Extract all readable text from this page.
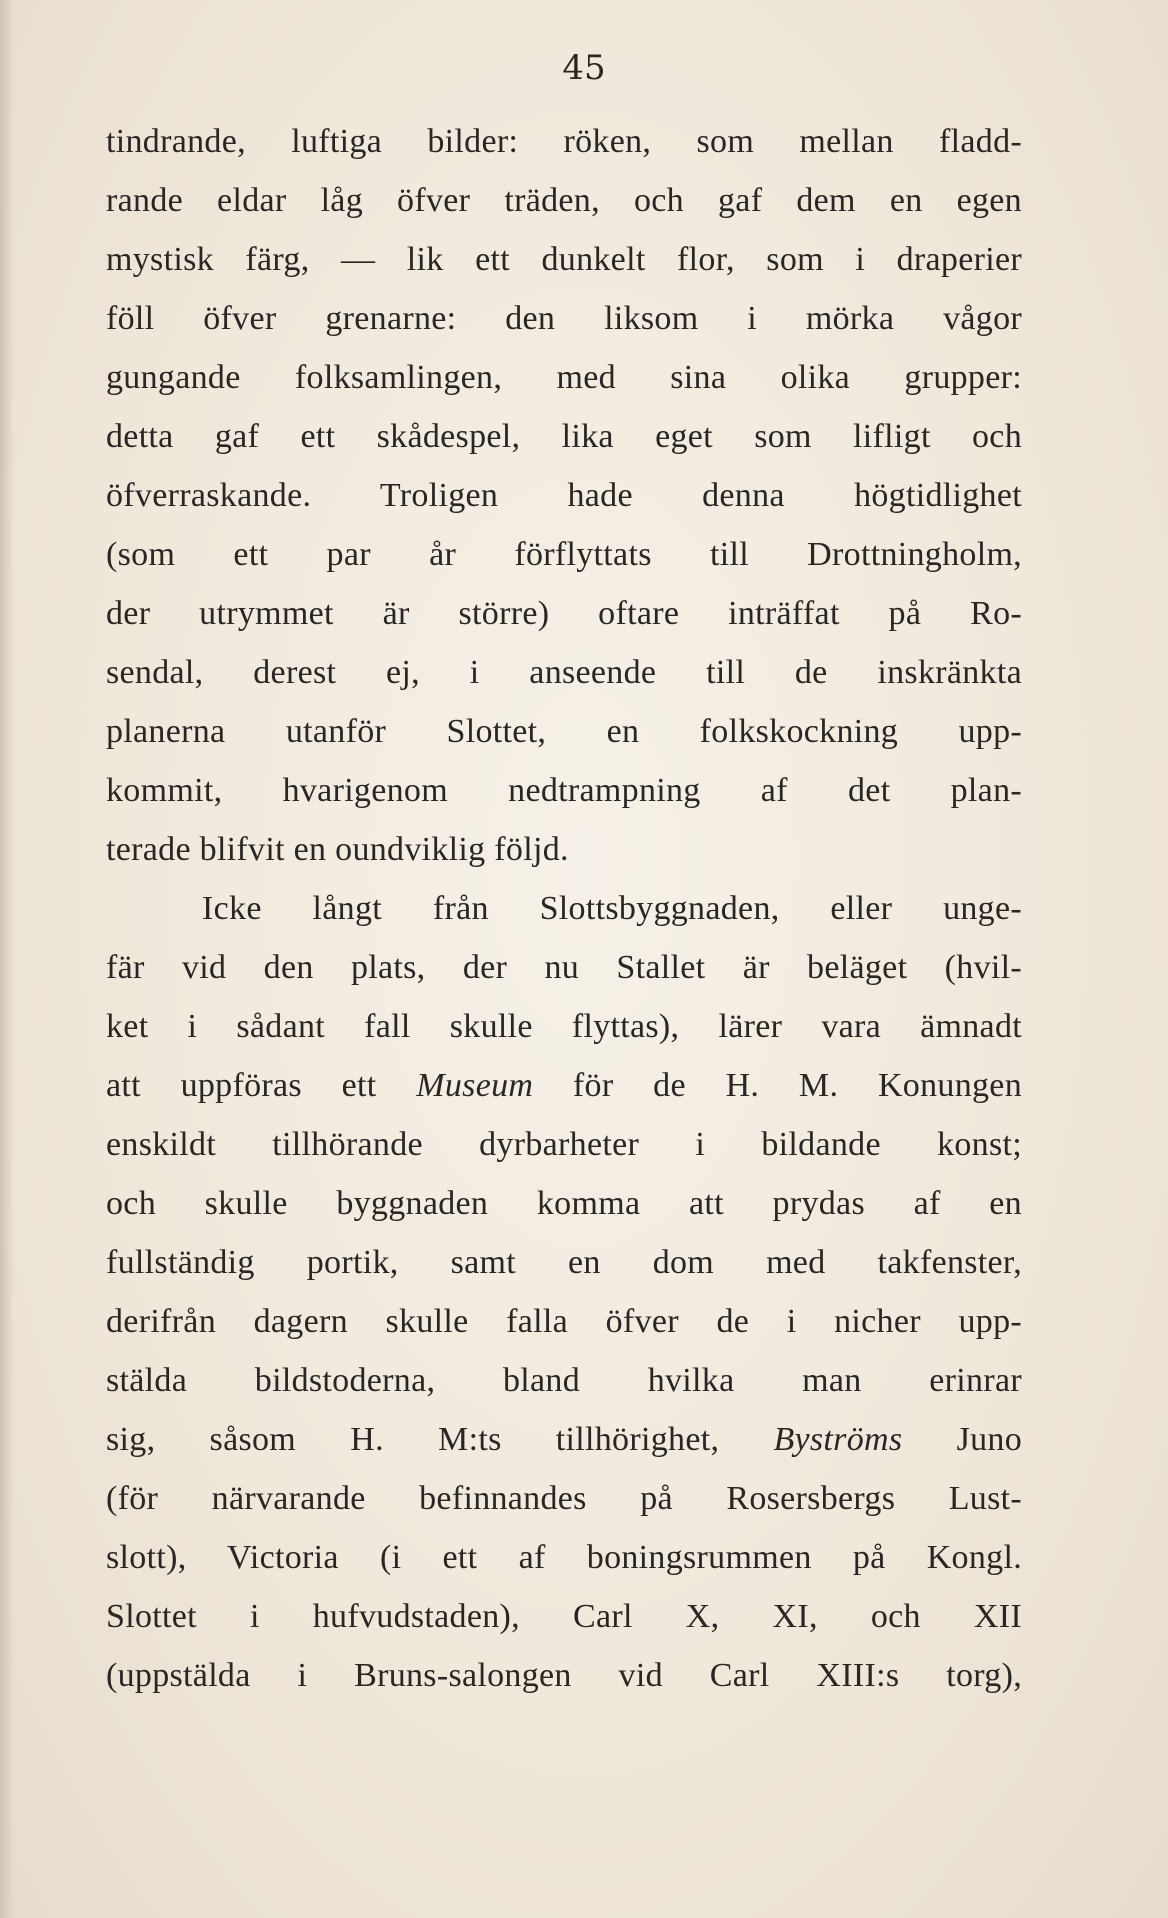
45
tindrande, luftiga bilder: röken, som mellan fladd-
rande eldar låg öfver träden, och gaf dem en egen
mystisk färg, — lik ett dunkelt flor, som i draperier
föll öfver grenarne: den liksom i mörka vågor
gungande folksamlingen, med sina olika grupper:
detta gaf ett skådespel, lika eget som lifligt och
öfverraskande. Troligen hade denna högtidlighet
(som ett par år förflyttats till Drottningholm,
der utrymmet är större) oftare inträffat på Ro-
sendal, derest ej, i anseende till de inskränkta
planerna utanför Slottet, en folkskockning upp-
kommit, hvarigenom nedtrampning af det plan-
terade blifvit en oundviklig följd.
Icke långt från Slottsbyggnaden, eller unge-
fär vid den plats, der nu Stallet är beläget (hvil-
ket i sådant fall skulle flyttas), lärer vara ämnadt
att uppföras ett Museum för de H. M. Konungen
enskildt tillhörande dyrbarheter i bildande konst;
och skulle byggnaden komma att prydas af en
fullständig portik, samt en dom med takfenster,
derifrån dagern skulle falla öfver de i nicher upp-
stälda bildstoderna, bland hvilka man erinrar
sig, såsom H. M:ts tillhörighet, Byströms Juno
(för närvarande befinnandes på Rosersbergs Lust-
slott), Victoria (i ett af boningsrummen på Kongl.
Slottet i hufvudstaden), Carl X, XI, och XII
(uppstälda i Bruns-salongen vid Carl XIII:s torg),
